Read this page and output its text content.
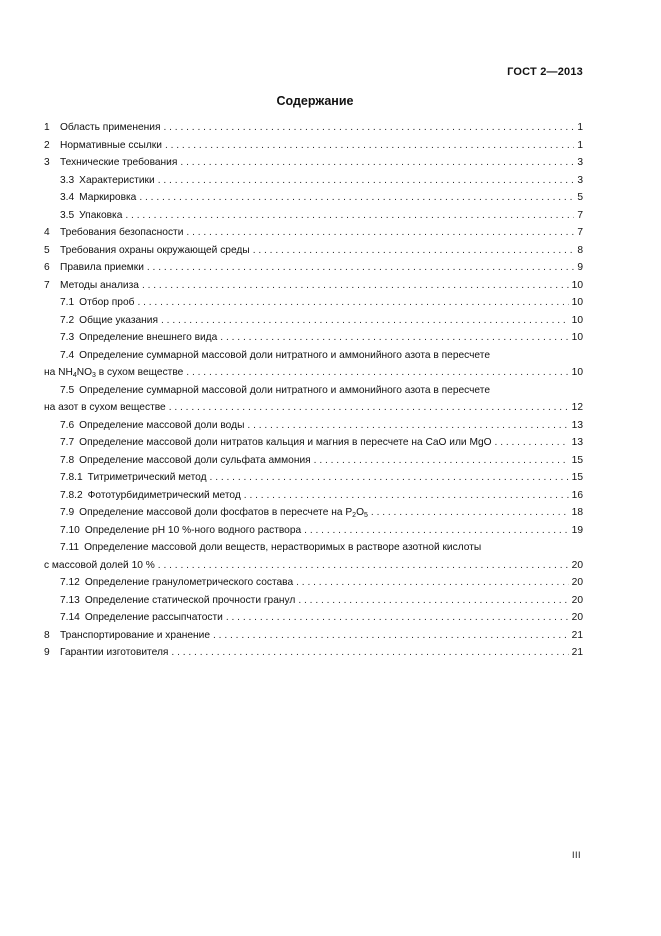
ГОСТ 2—2013
Содержание
1	Область применения . . .	1
2	Нормативные ссылки . . .	1
3	Технические требования . . .	3
3.3 Характеристики . . .	3
3.4 Маркировка . . .	5
3.5 Упаковка . . .	7
4	Требования безопасности . . .	7
5	Требования охраны окружающей среды . . .	8
6	Правила приемки . . .	9
7	Методы анализа . . .	10
7.1 Отбор проб . . .	10
7.2 Общие указания . . .	10
7.3 Определение внешнего вида . . .	10
7.4 Определение суммарной массовой доли нитратного и аммонийного азота в пересчете
на $NH_4NO_3$ в сухом веществе . . .	10
7.5 Определение суммарной массовой доли нитратного и аммонийного азота в пересчете
на азот в сухом веществе . . .	12
7.6 Определение массовой доли воды . . .	13
7.7 Определение массовой доли нитратов кальция и магния в пересчете на CaO или MgO . . .	13
7.8 Определение массовой доли сульфата аммония . . .	15
7.8.1 Титриметрический метод . . .	15
7.8.2 Фототурбидиметрический метод . . .	16
7.9 Определение массовой доли фосфатов в пересчете на $P_2O_5$ . . .	18
7.10 Определение pH 10 %-ного водного раствора . . .	19
7.11 Определение массовой доли веществ, нерастворимых в растворе азотной кислоты
с массовой долей 10 % . . .	20
7.12 Определение гранулометрического состава . . .	20
7.13 Определение статической прочности гранул . . .	20
7.14 Определение рассыпчатости . . .	20
8	Транспортирование и хранение . . .	21
9	Гарантии изготовителя . . .	21
III
